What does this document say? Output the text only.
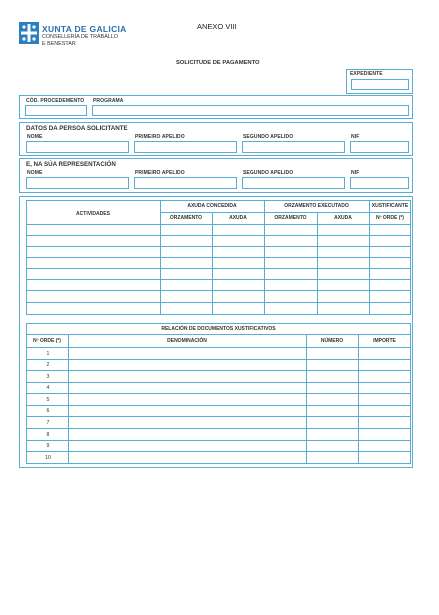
XUNTA DE GALICIA
CONSELLERÍA DE TRABALLO
E BENESTAR
ANEXO VIII
SOLICITUDE DE PAGAMENTO
EXPEDIENTE
CÓD. PROCEDEMENTO PROGRAMA
DATOS DA PERSOA SOLICITANTE
NOME	PRIMEIRO APELIDO	SEGUNDO APELIDO	NIF
E, NA SÚA REPRESENTACIÓN
NOME	PRIMEIRO APELIDO	SEGUNDO APELIDO	NIF
ACTIVIDADES
AXUDA CONCEDIDA	ORZAMENTO EXECUTADO	XUSTIFICANTE
ORZAMENTO	AXUDA	ORZAMENTO	AXUDA	Nº ORDE (*)
RELACIÓN DE DOCUMENTOS XUSTIFICATIVOS
Nº ORDE (*)	DENOMINACIÓN	NÚMERO	IMPORTE
1
2
3
4
5
6
7
8
9
10
